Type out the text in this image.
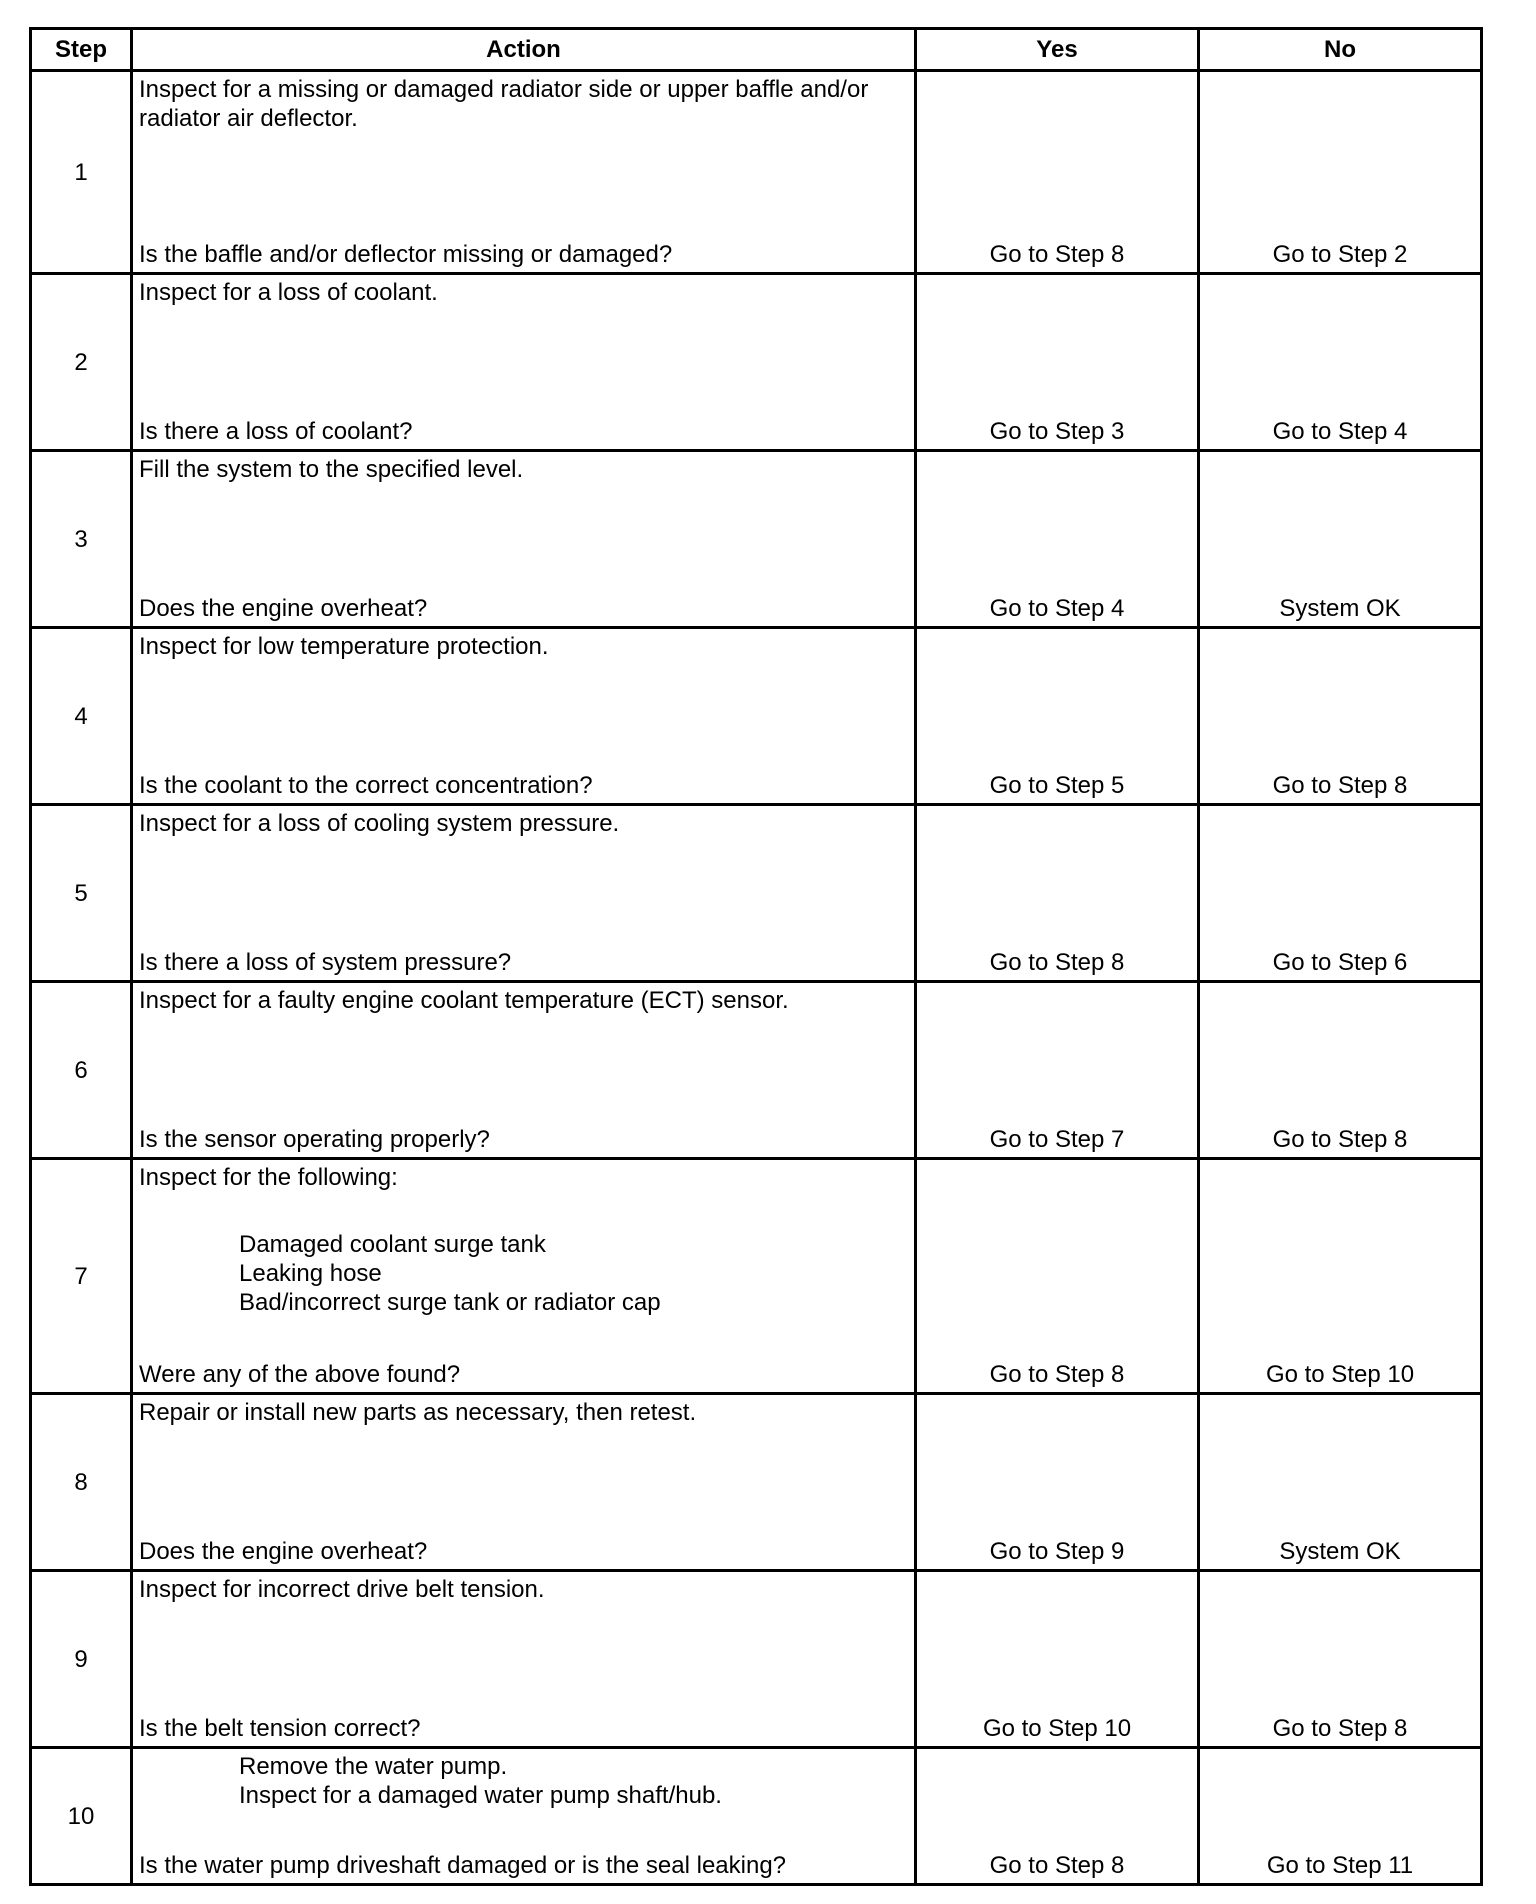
Step	Action	Yes	No
1	Inspect for a missing or damaged radiator side or upper baffle and/or
radiator air deflector.
Is the baffle and/or deflector missing or damaged?	Go to Step 8	Go to Step 2

2	Inspect for a loss of coolant.
Is there a loss of coolant?	Go to Step 3	Go to Step 4

3	Fill the system to the specified level.
Does the engine overheat?	Go to Step 4	System OK

4	Inspect for low temperature protection.
Is the coolant to the correct concentration?	Go to Step 5	Go to Step 8

5	Inspect for a loss of cooling system pressure.
Is there a loss of system pressure?	Go to Step 8	Go to Step 6

6	Inspect for a faulty engine coolant temperature (ECT) sensor.
Is the sensor operating properly?	Go to Step 7	Go to Step 8

7	Inspect for the following:
Damaged coolant surge tank
Leaking hose
Bad/incorrect surge tank or radiator cap
Were any of the above found?	Go to Step 8	Go to Step 10

8	Repair or install new parts as necessary, then retest.
Does the engine overheat?	Go to Step 9	System OK

9	Inspect for incorrect drive belt tension.
Is the belt tension correct?	Go to Step 10	Go to Step 8

10	Remove the water pump.
Inspect for a damaged water pump shaft/hub.
Is the water pump driveshaft damaged or is the seal leaking?	Go to Step 8	Go to Step 11
